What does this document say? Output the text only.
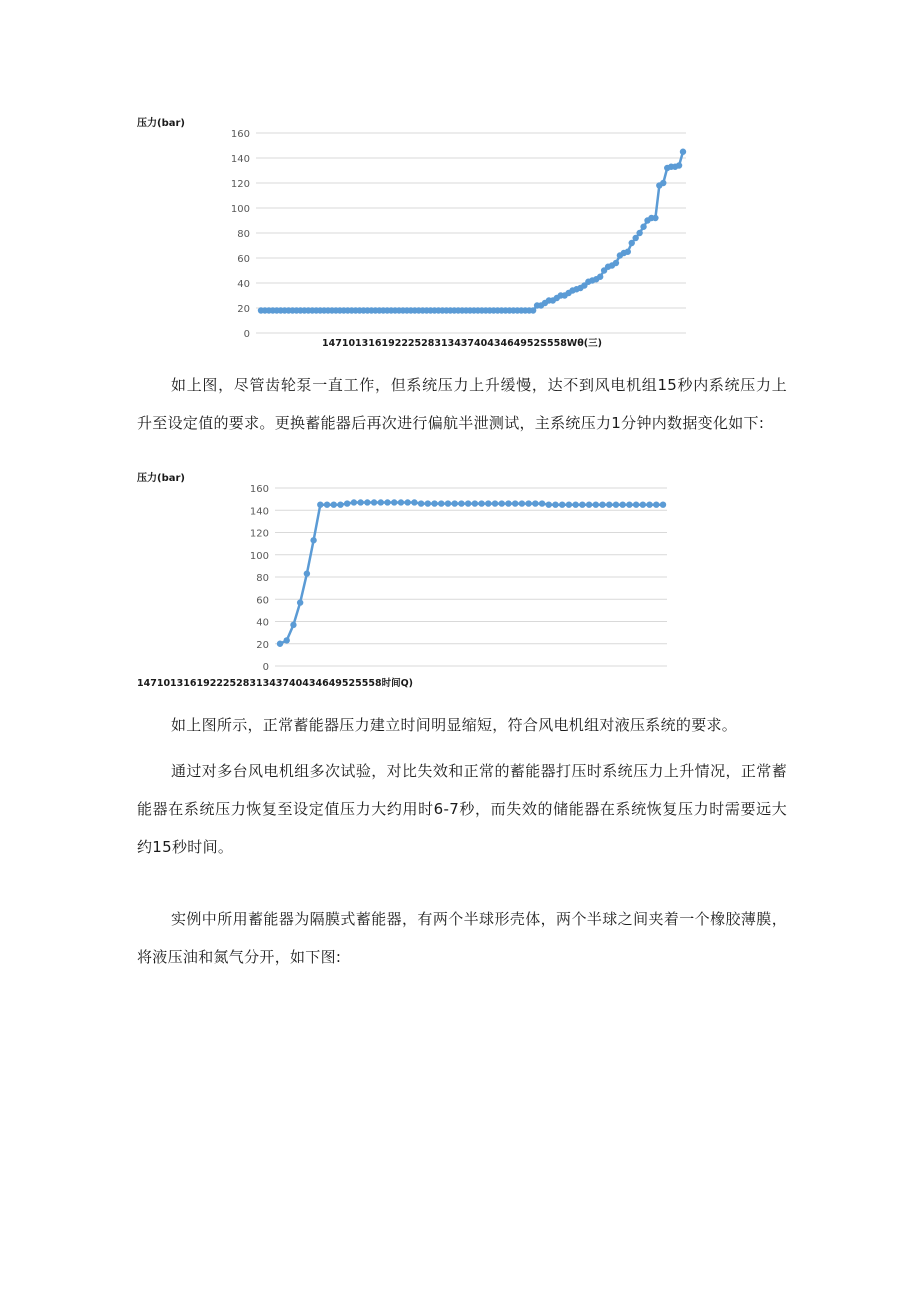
压力(bar)
160
140
120
100
80
60
40
20
0
1471013161922252831343740434649​52S558Wθ(三)

如上图，尽管齿轮泵一直工作，但系统压力上升缓慢，达不到风电机组15秒内系统压力上升至设定值的要求。更换蓄能器后再次进行偏航半泄测试，主系统压力1分钟内数据变化如下:

压力(bar)
160
140
120
100
80
60
40
20
0
1471013161922252831343740434649525558时间Q)

如上图所示，正常蓄能器压力建立时间明显缩短，符合风电机组对液压系统的要求。

通过对多台风电机组多次试验，对比失效和正常的蓄能器打压时系统压力上升情况，正常蓄能器在系统压力恢复至设定值压力大约用时6-7秒，而失效的储能器在系统恢复压力时需要远大约15秒时间。

实例中所用蓄能器为隔膜式蓄能器，有两个半球形壳体，两个半球之间夹着一个橡胶薄膜，将液压油和氮气分开，如下图:
